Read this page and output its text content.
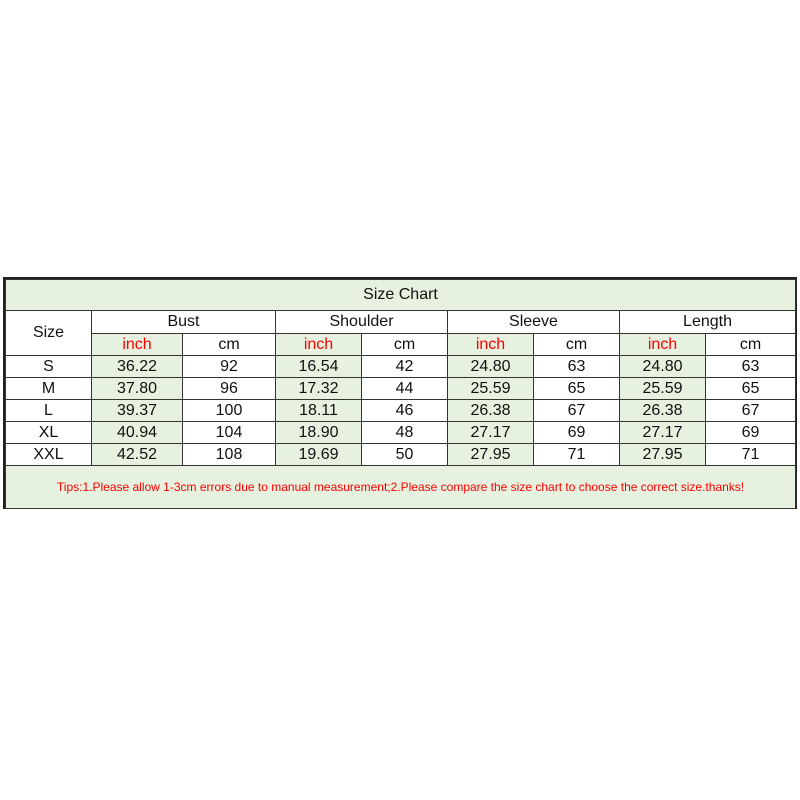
Size Chart								
Size	Bust		Shoulder		Sleeve		Length	
	inch	cm	inch	cm	inch	cm	inch	cm
S	36.22	92	16.54	42	24.80	63	24.80	63
M	37.80	96	17.32	44	25.59	65	25.59	65
L	39.37	100	18.11	46	26.38	67	26.38	67
XL	40.94	104	18.90	48	27.17	69	27.17	69
XXL	42.52	108	19.69	50	27.95	71	27.95	71
Tips:1.Please allow 1-3cm errors due to manual measurement;2.Please compare the size chart to choose the correct size.thanks!								
